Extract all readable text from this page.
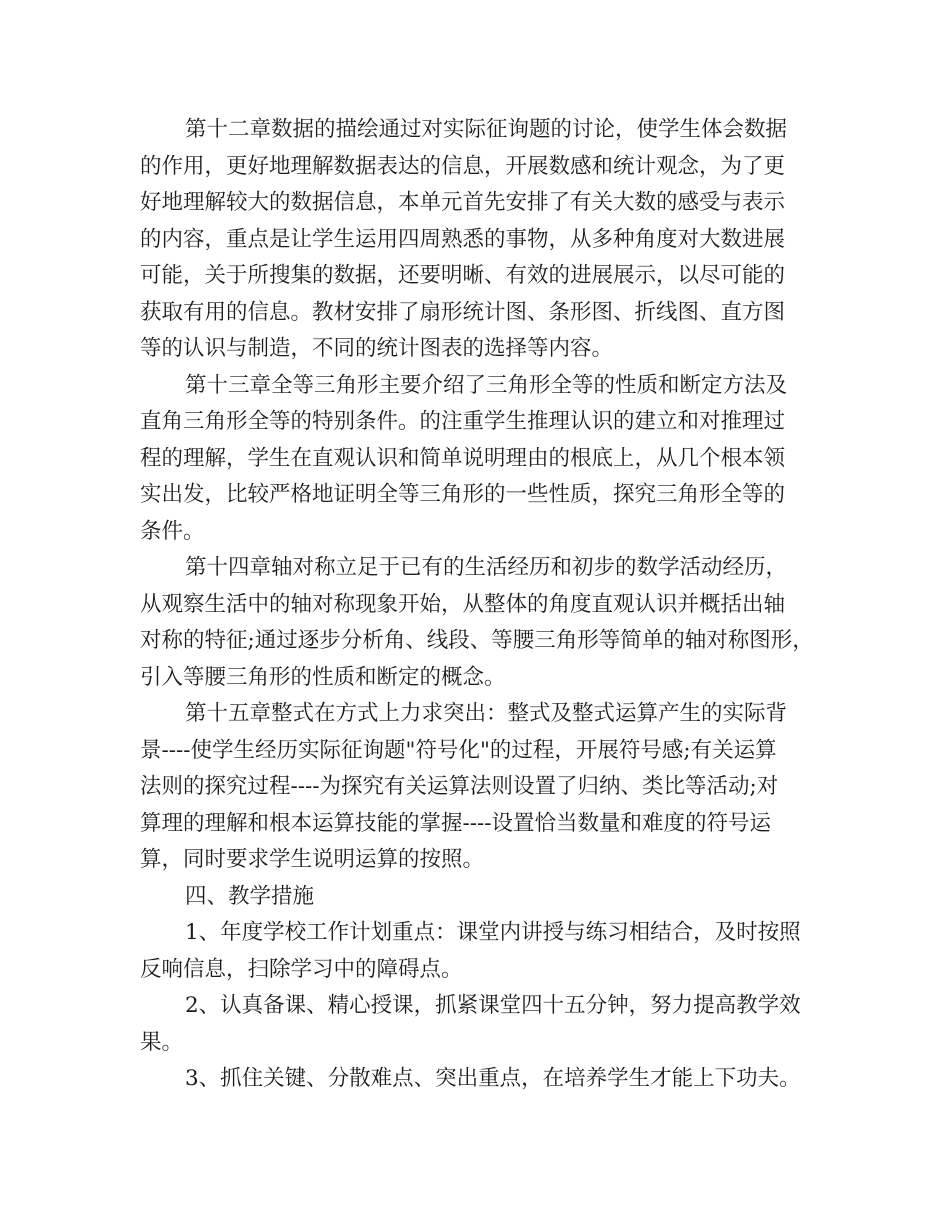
第十二章数据的描绘通过对实际征询题的讨论，使学生体会数据
的作用，更好地理解数据表达的信息，开展数感和统计观念，为了更
好地理解较大的数据信息，本单元首先安排了有关大数的感受与表示
的内容，重点是让学生运用四周熟悉的事物，从多种角度对大数进展
可能，关于所搜集的数据，还要明晰、有效的进展展示，以尽可能的
获取有用的信息。教材安排了扇形统计图、条形图、折线图、直方图
等的认识与制造，不同的统计图表的选择等内容。
第十三章全等三角形主要介绍了三角形全等的性质和断定方法及
直角三角形全等的特别条件。的注重学生推理认识的建立和对推理过
程的理解，学生在直观认识和简单说明理由的根底上，从几个根本领
实出发，比较严格地证明全等三角形的一些性质，探究三角形全等的
条件。
第十四章轴对称立足于已有的生活经历和初步的数学活动经历，
从观察生活中的轴对称现象开始，从整体的角度直观认识并概括出轴
对称的特征;通过逐步分析角、线段、等腰三角形等简单的轴对称图形，
引入等腰三角形的性质和断定的概念。
第十五章整式在方式上力求突出：整式及整式运算产生的实际背
景----使学生经历实际征询题"符号化"的过程，开展符号感;有关运算
法则的探究过程----为探究有关运算法则设置了归纳、类比等活动;对
算理的理解和根本运算技能的掌握----设置恰当数量和难度的符号运
算，同时要求学生说明运算的按照。
四、教学措施
1、年度学校工作计划重点：课堂内讲授与练习相结合，及时按照
反响信息，扫除学习中的障碍点。
2、认真备课、精心授课，抓紧课堂四十五分钟，努力提高教学效
果。
3、抓住关键、分散难点、突出重点，在培养学生才能上下功夫。
